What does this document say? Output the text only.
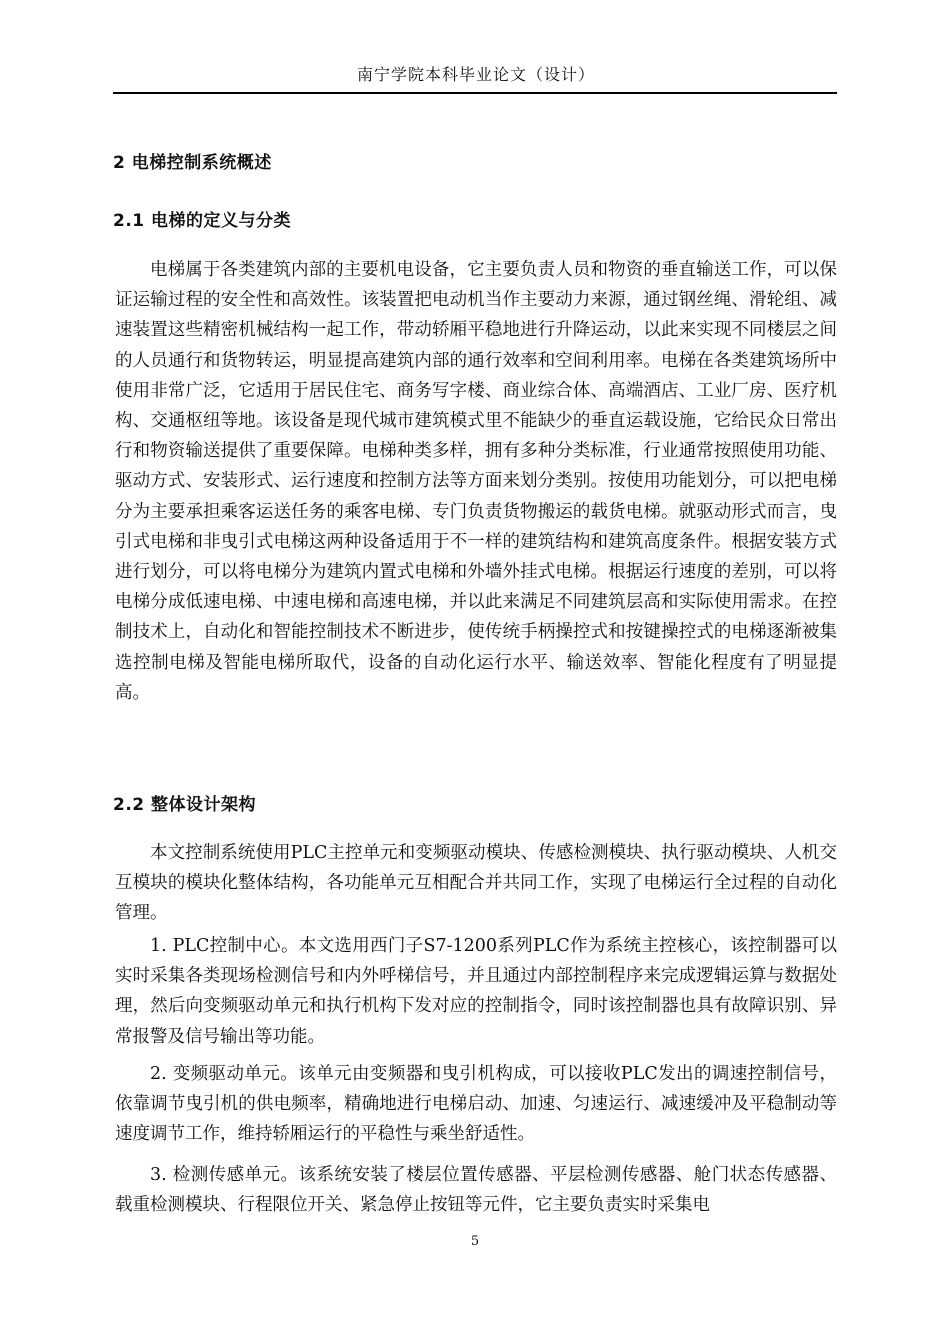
南宁学院本科毕业论文（设计）
2 电梯控制系统概述
2.1 电梯的定义与分类

电梯属于各类建筑内部的主要机电设备，它主要负责人员和物资的垂直输送工作，可以保证运输过程的安全性和高效性。该装置把电动机当作主要动力来源，通过钢丝绳、滑轮组、减速装置这些精密机械结构一起工作，带动轿厢平稳地进行升降运动，以此来实现不同楼层之间的人员通行和货物转运，明显提高建筑内部的通行效率和空间利用率。电梯在各类建筑场所中使用非常广泛，它适用于居民住宅、商务写字楼、商业综合体、高端酒店、工业厂房、医疗机构、交通枢纽等地。该设备是现代城市建筑模式里不能缺少的垂直运载设施，它给民众日常出行和物资输送提供了重要保障。电梯种类多样，拥有多种分类标准，行业通常按照使用功能、驱动方式、安装形式、运行速度和控制方法等方面来划分类别。按使用功能划分，可以把电梯分为主要承担乘客运送任务的乘客电梯、专门负责货物搬运的载货电梯。就驱动形式而言，曳引式电梯和非曳引式电梯这两种设备适用于不一样的建筑结构和建筑高度条件。根据安装方式进行划分，可以将电梯分为建筑内置式电梯和外墙外挂式电梯。根据运行速度的差别，可以将电梯分成低速电梯、中速电梯和高速电梯，并以此来满足不同建筑层高和实际使用需求。在控制技术上，自动化和智能控制技术不断进步，使传统手柄操控式和按键操控式的电梯逐渐被集选控制电梯及智能电梯所取代，设备的自动化运行水平、输送效率、智能化程度有了明显提高。

2.2 整体设计架构

本文控制系统使用PLC主控单元和变频驱动模块、传感检测模块、执行驱动模块、人机交互模块的模块化整体结构，各功能单元互相配合并共同工作，实现了电梯运行全过程的自动化管理。

1. PLC控制中心。本文选用西门子S7-1200系列PLC作为系统主控核心，该控制器可以实时采集各类现场检测信号和内外呼梯信号，并且通过内部控制程序来完成逻辑运算与数据处理，然后向变频驱动单元和执行机构下发对应的控制指令，同时该控制器也具有故障识别、异常报警及信号输出等功能。

2. 变频驱动单元。该单元由变频器和曳引机构成，可以接收PLC发出的调速控制信号，依靠调节曳引机的供电频率，精确地进行电梯启动、加速、匀速运行、减速缓冲及平稳制动等速度调节工作，维持轿厢运行的平稳性与乘坐舒适性。

3. 检测传感单元。该系统安装了楼层位置传感器、平层检测传感器、舱门状态传感器、载重检测模块、行程限位开关、紧急停止按钮等元件，它主要负责实时采集电

5
